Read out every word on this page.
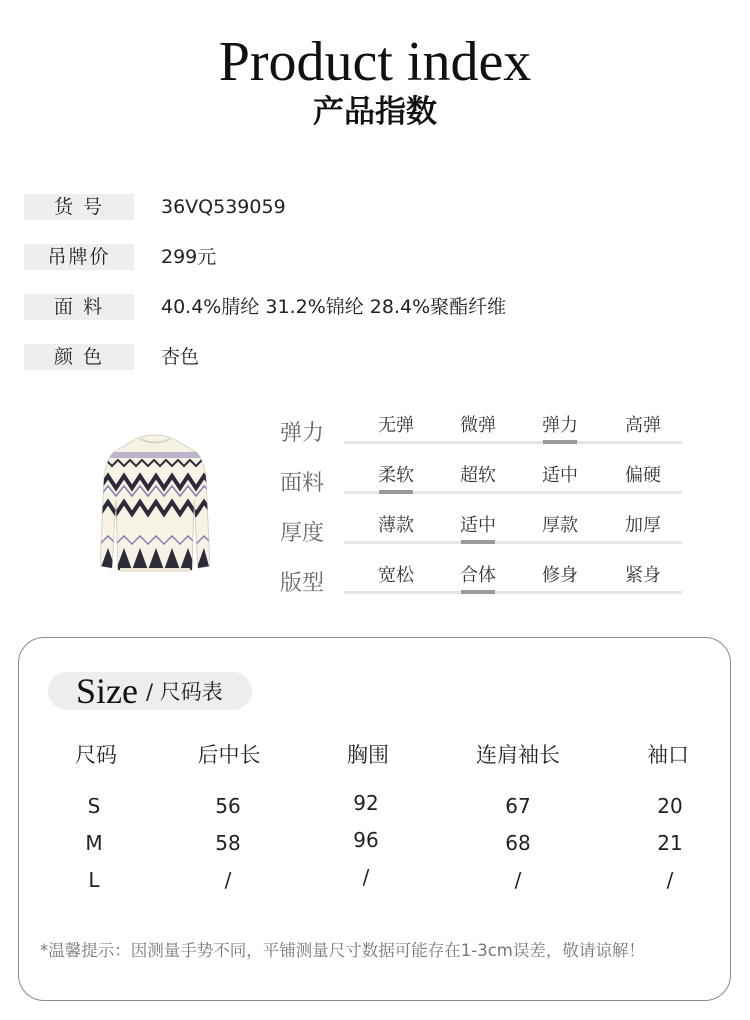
Product index
产品指数
货 号	36VQ539059
吊牌价	299元
面 料	40.4%腈纶 31.2%锦纶 28.4%聚酯纤维
颜 色	杏色
弹力	无弹	微弹	弹力	高弹
面料	柔软	超软	适中	偏硬
厚度	薄款	适中	厚款	加厚
版型	宽松	合体	修身	紧身
Size / 尺码表
尺码	后中长	胸围	连肩袖长	袖口
S	56	92	67	20
M	58	96	68	21
L	/	/	/	/
*温馨提示：因测量手势不同，平铺测量尺寸数据可能存在1-3cm误差，敬请谅解！
